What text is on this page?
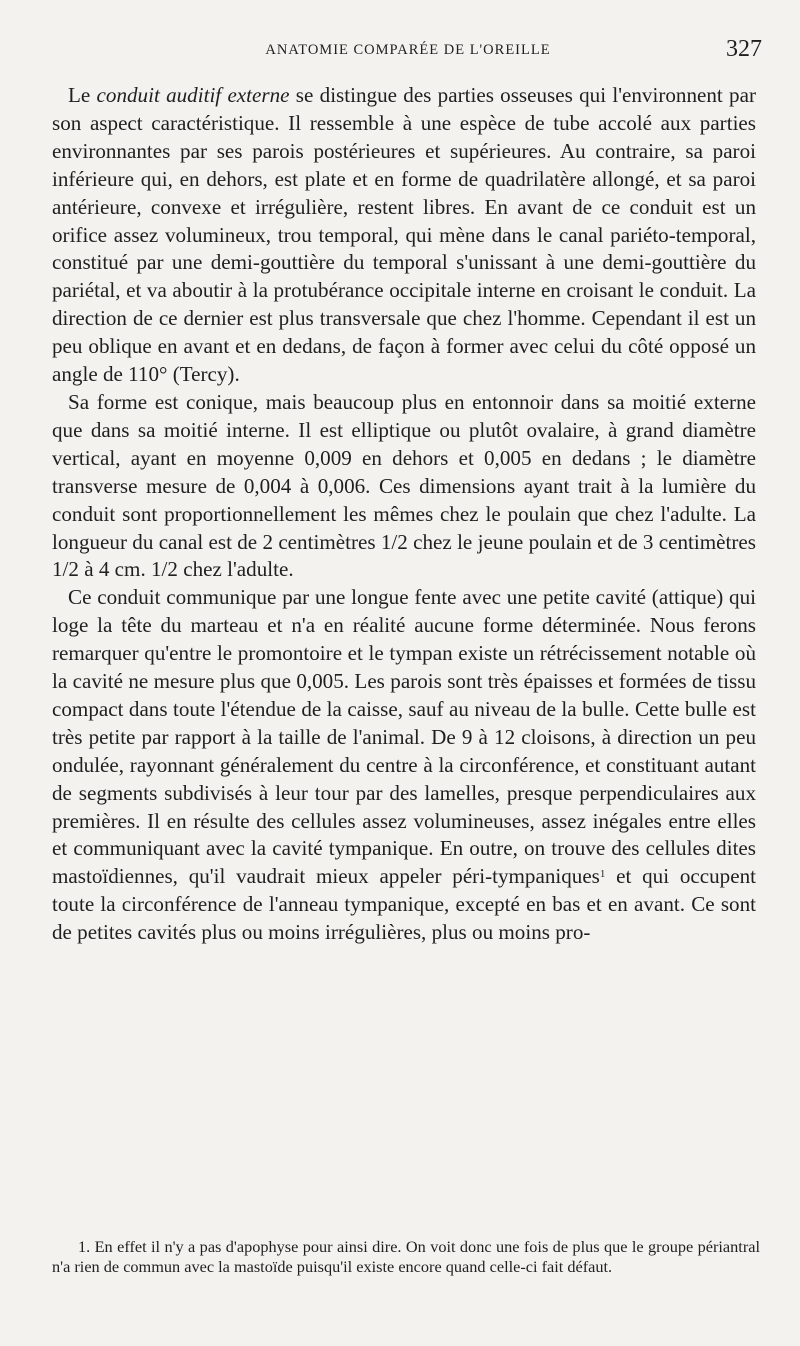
ANATOMIE COMPARÉE DE L'OREILLE	327

Le conduit auditif externe se distingue des parties osseuses qui l'environnent par son aspect caractéristique. Il ressemble à une espèce de tube accolé aux parties environnantes par ses parois postérieures et supérieures. Au contraire, sa paroi inférieure qui, en dehors, est plate et en forme de quadrilatère allongé, et sa paroi antérieure, convexe et irrégulière, restent libres. En avant de ce conduit est un orifice assez volumineux, trou temporal, qui mène dans le canal pariéto-temporal, constitué par une demi-gouttière du temporal s'unissant à une demi-gouttière du pariétal, et va aboutir à la protubérance occipitale interne en croisant le conduit. La direction de ce dernier est plus transversale que chez l'homme. Cependant il est un peu oblique en avant et en dedans, de façon à former avec celui du côté opposé un angle de 110° (Tercy).

Sa forme est conique, mais beaucoup plus en entonnoir dans sa moitié externe que dans sa moitié interne. Il est elliptique ou plutôt ovalaire, à grand diamètre vertical, ayant en moyenne 0,009 en dehors et 0,005 en dedans ; le diamètre transverse mesure de 0,004 à 0,006. Ces dimensions ayant trait à la lumière du conduit sont proportionnellement les mêmes chez le poulain que chez l'adulte. La longueur du canal est de 2 centimètres 1/2 chez le jeune poulain et de 3 centimètres 1/2 à 4 cm. 1/2 chez l'adulte.

Ce conduit communique par une longue fente avec une petite cavité (attique) qui loge la tête du marteau et n'a en réalité aucune forme déterminée. Nous ferons remarquer qu'entre le promontoire et le tympan existe un rétrécissement notable où la cavité ne mesure plus que 0,005. Les parois sont très épaisses et formées de tissu compact dans toute l'étendue de la caisse, sauf au niveau de la bulle. Cette bulle est très petite par rapport à la taille de l'animal. De 9 à 12 cloisons, à direction un peu ondulée, rayonnant généralement du centre à la circonférence, et constituant autant de segments subdivisés à leur tour par des lamelles, presque perpendiculaires aux premières. Il en résulte des cellules assez volumineuses, assez inégales entre elles et communiquant avec la cavité tympanique. En outre, on trouve des cellules dites mastoïdiennes, qu'il vaudrait mieux appeler péri-tympaniques$^1$ et qui occupent toute la circonférence de l'anneau tympanique, excepté en bas et en avant. Ce sont de petites cavités plus ou moins irrégulières, plus ou moins pro-

1. En effet il n'y a pas d'apophyse pour ainsi dire. On voit donc une fois de plus que le groupe périantral n'a rien de commun avec la mastoïde puisqu'il existe encore quand celle-ci fait défaut.
